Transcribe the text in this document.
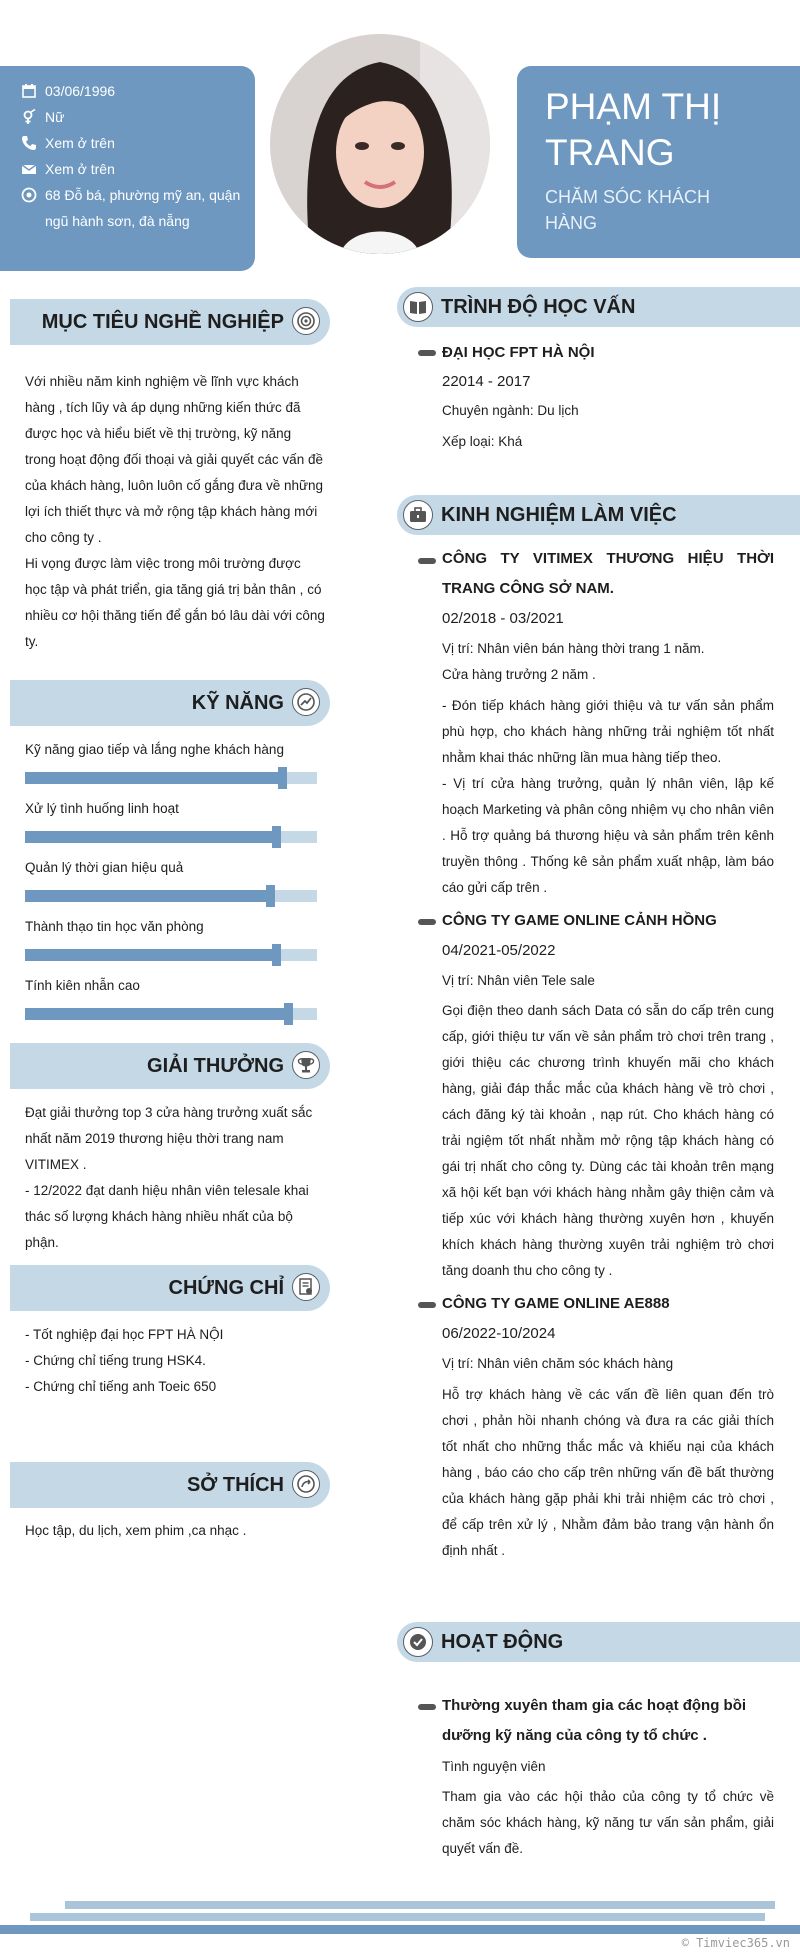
03/06/1996
Nữ
Xem ở trên
Xem ở trên
68 Đỗ bá, phường mỹ an, quận ngũ hành sơn, đà nẵng
PHẠM THỊ TRANG
CHĂM SÓC KHÁCH HÀNG
MỤC TIÊU NGHỀ NGHIỆP
Với nhiều năm kinh nghiệm về lĩnh vực khách hàng , tích lũy và áp dụng những kiến thức đã được học và hiểu biết về thị trường, kỹ năng trong hoạt động đối thoại và giải quyết các vấn đề của khách hàng, luôn luôn cố gắng đưa về những lợi ích thiết thực và mở rộng tập khách hàng mới cho công ty .
Hi vọng được làm việc trong môi trường được học tập và phát triển, gia tăng giá trị bản thân , có nhiều cơ hội thăng tiến để gắn bó lâu dài với công ty.
KỸ NĂNG
Kỹ năng giao tiếp và lắng nghe khách hàng
Xử lý tình huống linh hoạt
Quản lý thời gian hiệu quả
Thành thạo tin học văn phòng
Tính kiên nhẫn cao
GIẢI THƯỞNG
Đạt giải thưởng top 3 cửa hàng trưởng xuất sắc nhất năm 2019 thương hiệu thời trang nam VITIMEX .
- 12/2022 đạt danh hiệu nhân viên telesale khai thác số lượng khách hàng nhiều nhất của bộ phận.
CHỨNG CHỈ
- Tốt nghiệp đại học FPT HÀ NỘI
- Chứng chỉ tiếng trung HSK4.
- Chứng chỉ tiếng anh Toeic 650
SỞ THÍCH
Học tập, du lịch, xem phim ,ca nhạc .
TRÌNH ĐỘ HỌC VẤN
ĐẠI HỌC FPT HÀ NỘI
22014 - 2017
Chuyên ngành: Du lịch
Xếp loại: Khá
KINH NGHIỆM LÀM VIỆC
CÔNG TY VITIMEX THƯƠNG HIỆU THỜI TRANG CÔNG SỞ NAM.
02/2018 - 03/2021
Vị trí: Nhân viên bán hàng thời trang 1 năm.
Cửa hàng trưởng 2 năm .
- Đón tiếp khách hàng giới thiệu và tư vấn sản phẩm phù hợp, cho khách hàng những trải nghiệm tốt nhất nhằm khai thác những lần mua hàng tiếp theo.
- Vị trí cửa hàng trưởng, quản lý nhân viên, lập kế hoạch Marketing và phân công nhiệm vụ cho nhân viên . Hỗ trợ quảng bá thương hiệu và sản phẩm trên kênh truyền thông . Thống kê sản phẩm xuất nhập, làm báo cáo gửi cấp trên .
CÔNG TY GAME ONLINE CẢNH HỒNG
04/2021-05/2022
Vị trí: Nhân viên Tele sale
Gọi điện theo danh sách Data có sẵn do cấp trên cung cấp, giới thiệu tư vấn về sản phẩm trò chơi trên trang , giới thiệu các chương trình khuyến mãi cho khách hàng, giải đáp thắc mắc của khách hàng về trò chơi , cách đăng ký tài khoản , nạp rút. Cho khách hàng có trải ngiệm tốt nhất nhằm mở rộng tập khách hàng có gái trị nhất cho công ty. Dùng các tài khoản trên mạng xã hội kết bạn với khách hàng nhằm gây thiện cảm và tiếp xúc với khách hàng thường xuyên hơn , khuyến khích khách hàng thường xuyên trải nghiệm trò chơi tăng doanh thu cho công ty .
CÔNG TY GAME ONLINE AE888
06/2022-10/2024
Vị trí: Nhân viên chăm sóc khách hàng
Hỗ trợ khách hàng về các vấn đề liên quan đến trò chơi , phản hồi nhanh chóng và đưa ra các giải thích tốt nhất cho những thắc mắc và khiếu nại của khách hàng , báo cáo cho cấp trên những vấn đề bất thường của khách hàng gặp phải khi trải nhiệm các trò chơi , để cấp trên xử lý , Nhằm đảm bảo trang vận hành ổn định nhất .
HOẠT ĐỘNG
Thường xuyên tham gia các hoạt động bồi dưỡng kỹ năng của công ty tổ chức .
Tình nguyện viên
Tham gia vào các hội thảo của công ty tổ chức về chăm sóc khách hàng, kỹ năng tư vấn sản phẩm, giải quyết vấn đề.
© Timviec365.vn
